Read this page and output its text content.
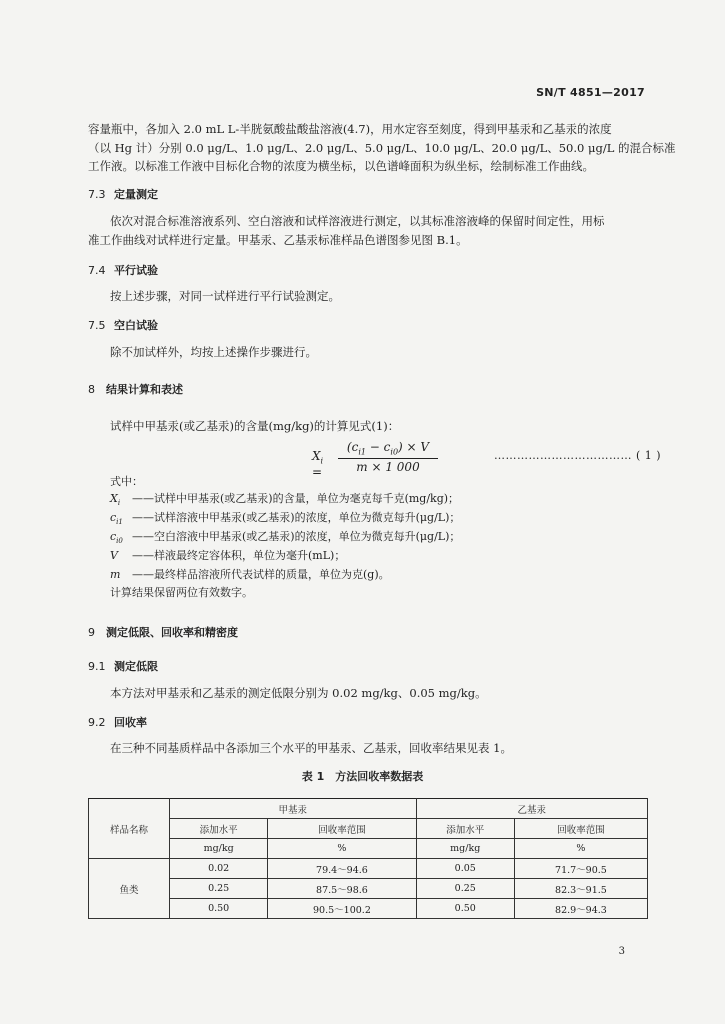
SN/T 4851—2017
容量瓶中，各加入 2.0 mL L-半胱氨酸盐酸盐溶液(4.7)，用水定容至刻度，得到甲基汞和乙基汞的浓度
（以 Hg 计）分别 0.0 μg/L、1.0 μg/L、2.0 μg/L、5.0 μg/L、10.0 μg/L、20.0 μg/L、50.0 μg/L 的混合标准
工作液。以标准工作液中目标化合物的浓度为横坐标，以色谱峰面积为纵坐标，绘制标准工作曲线。
7.3 定量测定
依次对混合标准溶液系列、空白溶液和试样溶液进行测定，以其标准溶液峰的保留时间定性，用标
准工作曲线对试样进行定量。甲基汞、乙基汞标准样品色谱图参见图 B.1。
7.4 平行试验
按上述步骤，对同一试样进行平行试验测定。
7.5 空白试验
除不加试样外，均按上述操作步骤进行。
8 结果计算和表述
试样中甲基汞(或乙基汞)的含量(mg/kg)的计算见式(1)：
$X_i = \frac{(c_{i1} - c_{i0}) \times V}{m \times 1 000}$	……………………………… ( 1 )
式中：
$X_i$ ——试样中甲基汞(或乙基汞)的含量，单位为毫克每千克(mg/kg)；
$c_{i1}$ ——试样溶液中甲基汞(或乙基汞)的浓度，单位为微克每升(μg/L)；
$c_{i0}$ ——空白溶液中甲基汞(或乙基汞)的浓度，单位为微克每升(μg/L)；
V ——样液最终定容体积，单位为毫升(mL)；
m ——最终样品溶液所代表试样的质量，单位为克(g)。
计算结果保留两位有效数字。
9 测定低限、回收率和精密度
9.1 测定低限
本方法对甲基汞和乙基汞的测定低限分别为 0.02 mg/kg、0.05 mg/kg。
9.2 回收率
在三种不同基质样品中各添加三个水平的甲基汞、乙基汞，回收率结果见表 1。
表 1　方法回收率数据表
样品名称	甲基汞		乙基汞	
	添加水平	回收率范围	添加水平	回收率范围
	mg/kg	%	mg/kg	%
鱼类	0.02	79.4～94.6	0.05	71.7～90.5
	0.25	87.5～98.6	0.25	82.3～91.5
	0.50	90.5～100.2	0.50	82.9～94.3
3
